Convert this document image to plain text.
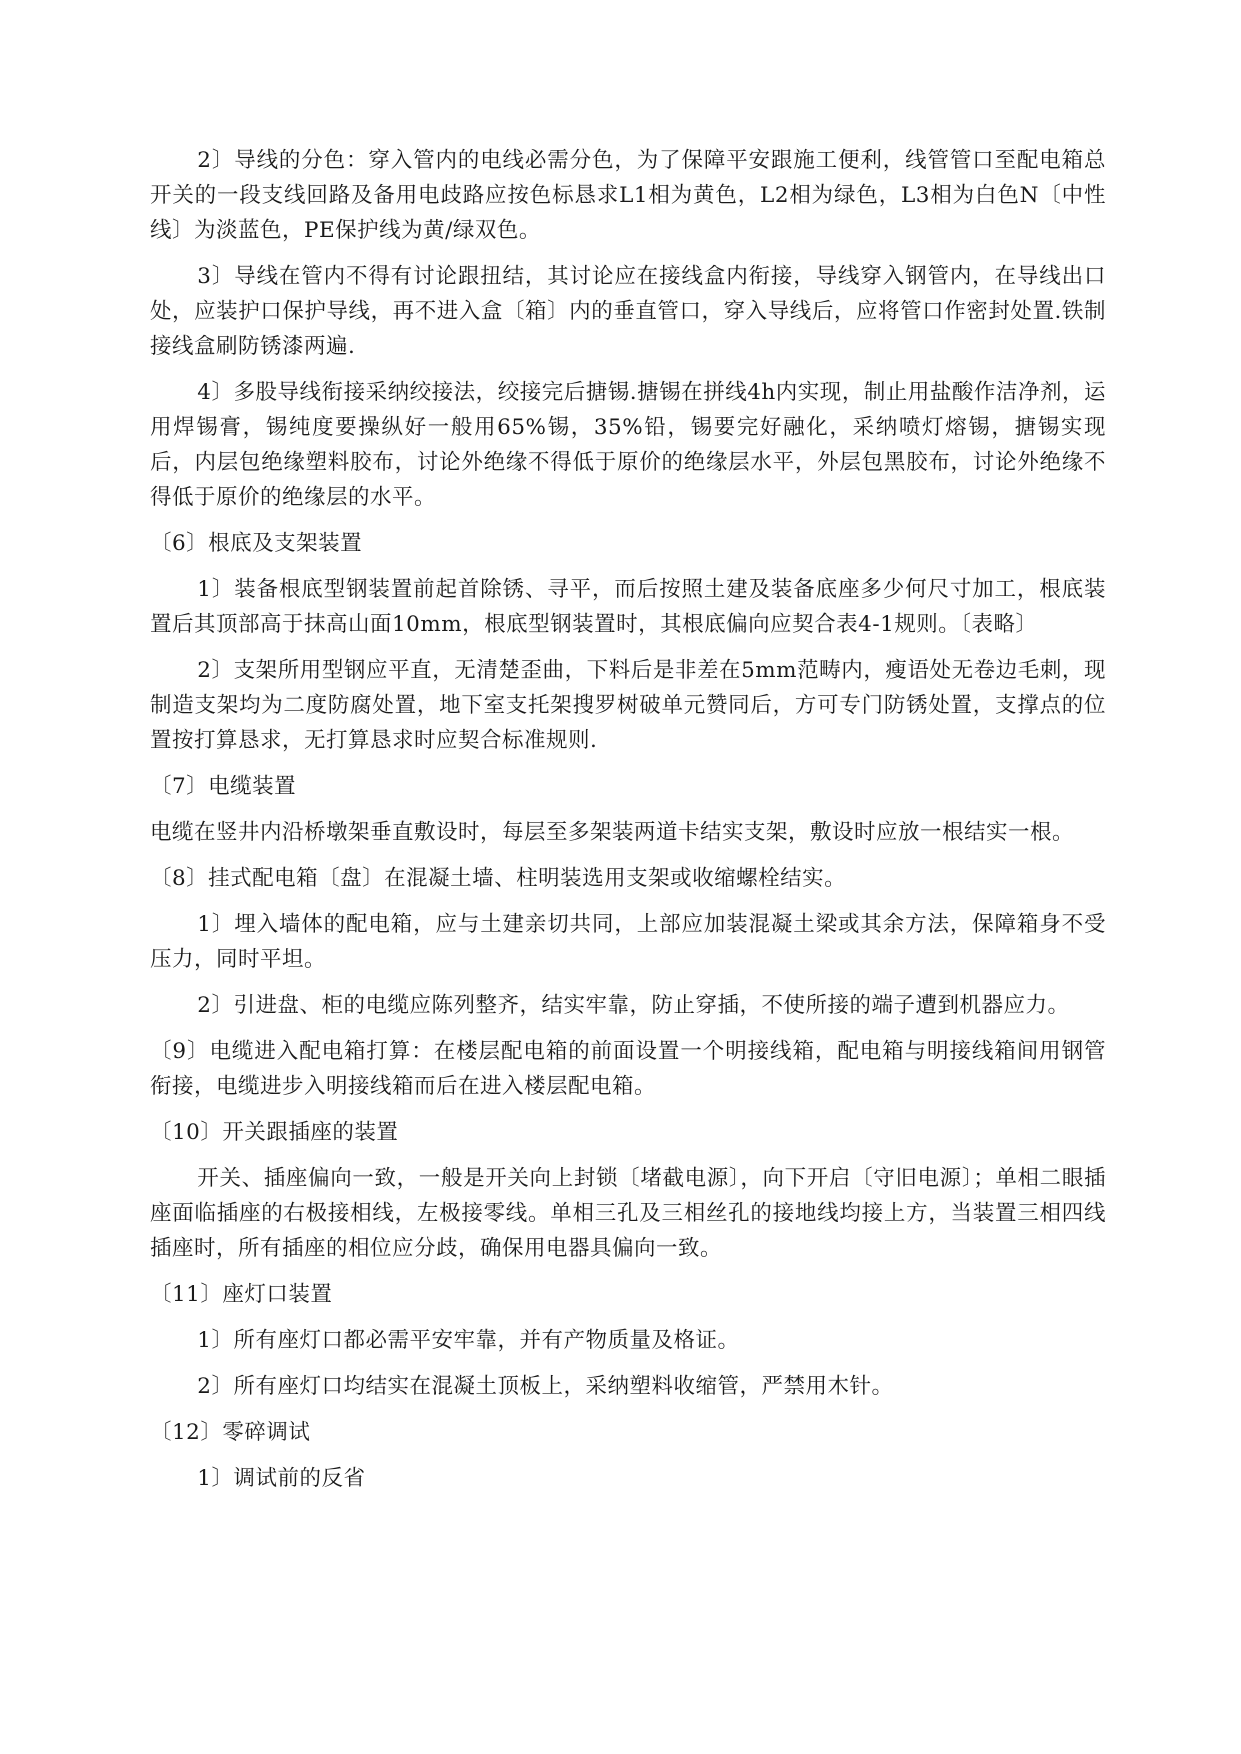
2〕导线的分色：穿入管内的电线必需分色，为了保障平安跟施工便利，线管管口至配电箱总开关的一段支线回路及备用电歧路应按色标恳求L1相为黄色，L2相为绿色，L3相为白色N〔中性线〕为淡蓝色，PE保护线为黄/绿双色。

3〕导线在管内不得有讨论跟扭结，其讨论应在接线盒内衔接，导线穿入钢管内，在导线出口处，应装护口保护导线，再不进入盒〔箱〕内的垂直管口，穿入导线后，应将管口作密封处置.铁制接线盒刷防锈漆两遍.

4〕多股导线衔接采纳绞接法，绞接完后搪锡.搪锡在拼线4h内实现，制止用盐酸作洁净剂，运用焊锡膏，锡纯度要操纵好一般用65%锡，35%铅，锡要完好融化，采纳喷灯熔锡，搪锡实现后，内层包绝缘塑料胶布，讨论外绝缘不得低于原价的绝缘层水平，外层包黑胶布，讨论外绝缘不得低于原价的绝缘层的水平。

〔6〕根底及支架装置

1〕装备根底型钢装置前起首除锈、寻平，而后按照土建及装备底座多少何尺寸加工，根底装置后其顶部高于抹高山面10mm，根底型钢装置时，其根底偏向应契合表4-1规则。〔表略〕

2〕支架所用型钢应平直，无清楚歪曲，下料后是非差在5mm范畴内，瘦语处无卷边毛刺，现制造支架均为二度防腐处置，地下室支托架搜罗树破单元赞同后，方可专门防锈处置，支撑点的位置按打算恳求，无打算恳求时应契合标准规则.

〔7〕电缆装置

电缆在竖井内沿桥墩架垂直敷设时，每层至多架装两道卡结实支架，敷设时应放一根结实一根。

〔8〕挂式配电箱〔盘〕在混凝土墙、柱明装选用支架或收缩螺栓结实。

1〕埋入墙体的配电箱，应与土建亲切共同，上部应加装混凝土梁或其余方法，保障箱身不受压力，同时平坦。

2〕引进盘、柜的电缆应陈列整齐，结实牢靠，防止穿插，不使所接的端子遭到机器应力。

〔9〕电缆进入配电箱打算：在楼层配电箱的前面设置一个明接线箱，配电箱与明接线箱间用钢管衔接，电缆进步入明接线箱而后在进入楼层配电箱。

〔10〕开关跟插座的装置

开关、插座偏向一致，一般是开关向上封锁〔堵截电源〕，向下开启〔守旧电源〕；单相二眼插座面临插座的右极接相线，左极接零线。单相三孔及三相丝孔的接地线均接上方，当装置三相四线插座时，所有插座的相位应分歧，确保用电器具偏向一致。

〔11〕座灯口装置

1〕所有座灯口都必需平安牢靠，并有产物质量及格证。

2〕所有座灯口均结实在混凝土顶板上，采纳塑料收缩管，严禁用木针。

〔12〕零碎调试

1〕调试前的反省
